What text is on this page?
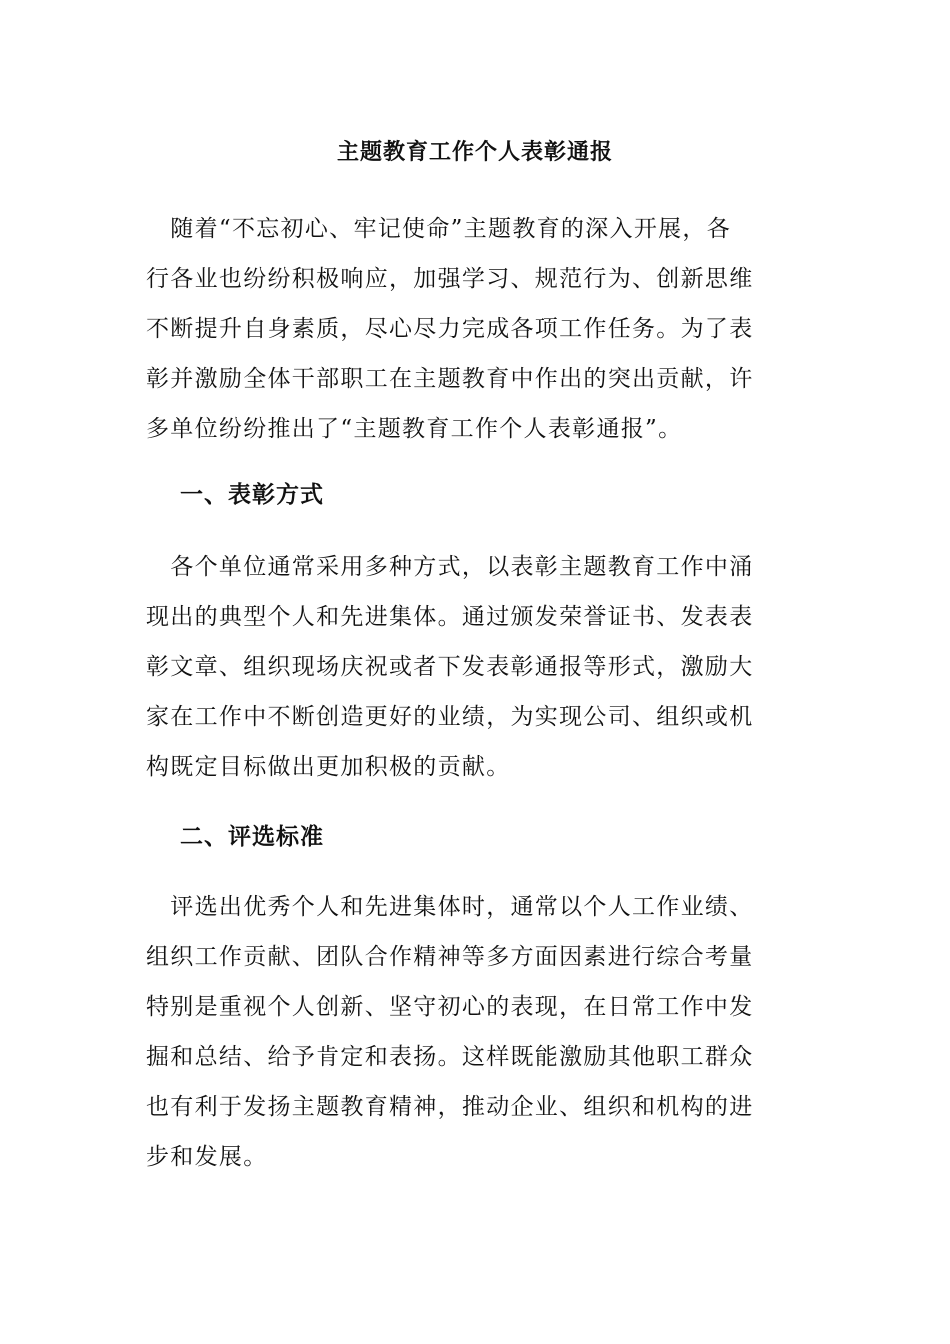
主题教育工作个人表彰通报
　随着“不忘初心、牢记使命”主题教育的深入开展，各
行各业也纷纷积极响应，加强学习、规范行为、创新思维
不断提升自身素质，尽心尽力完成各项工作任务。为了表
彰并激励全体干部职工在主题教育中作出的突出贡献，许
多单位纷纷推出了“主题教育工作个人表彰通报”。
一、表彰方式
　各个单位通常采用多种方式，以表彰主题教育工作中涌
现出的典型个人和先进集体。通过颁发荣誉证书、发表表
彰文章、组织现场庆祝或者下发表彰通报等形式，激励大
家在工作中不断创造更好的业绩，为实现公司、组织或机
构既定目标做出更加积极的贡献。
二、评选标准
　评选出优秀个人和先进集体时，通常以个人工作业绩、
组织工作贡献、团队合作精神等多方面因素进行综合考量
特别是重视个人创新、坚守初心的表现，在日常工作中发
掘和总结、给予肯定和表扬。这样既能激励其他职工群众
也有利于发扬主题教育精神，推动企业、组织和机构的进
步和发展。
